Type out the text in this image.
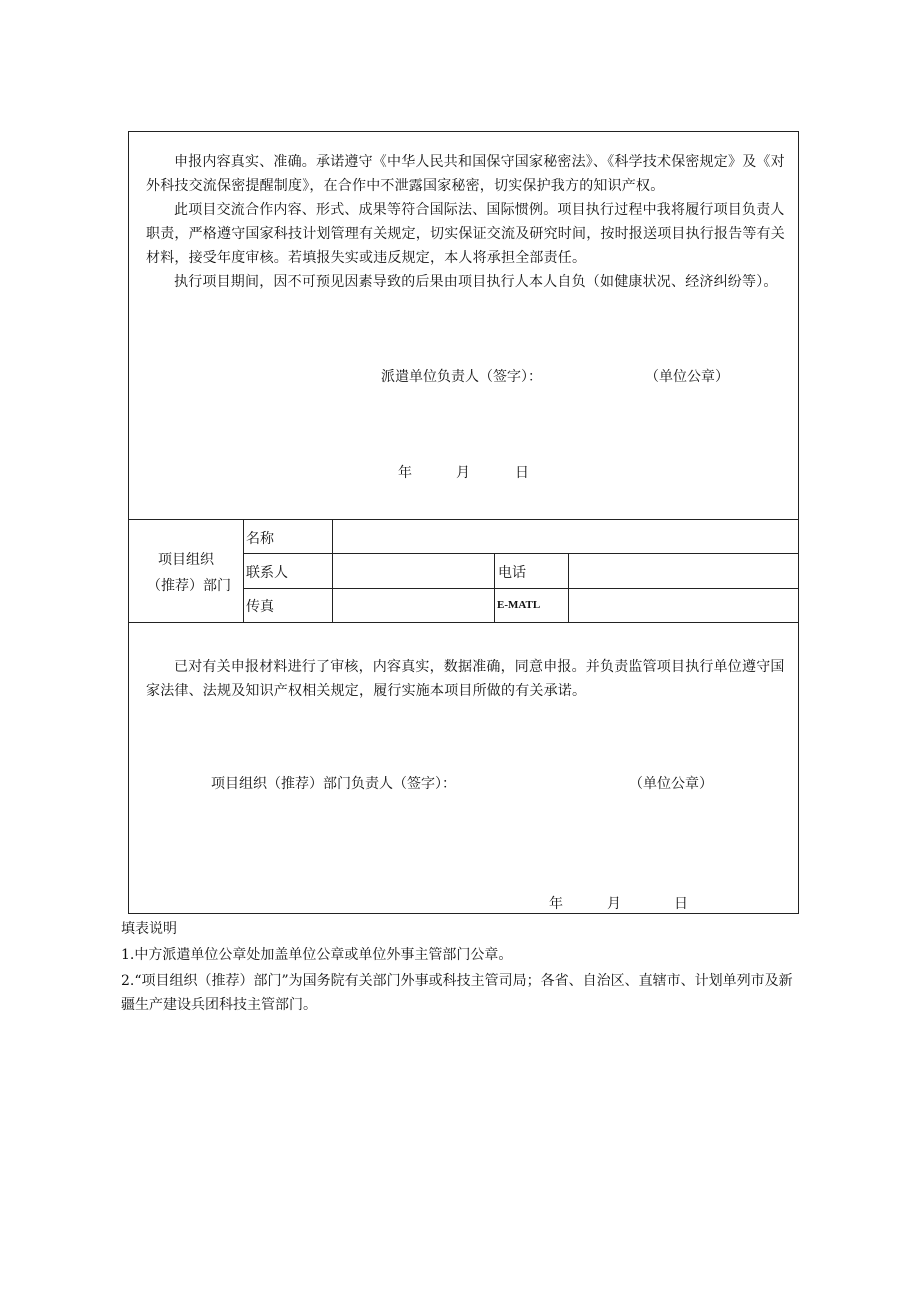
申报内容真实、准确。承诺遵守《中华人民共和国保守国家秘密法》、《科学技术保密规定》及《对外科技交流保密提醒制度》，在合作中不泄露国家秘密，切实保护我方的知识产权。

此项目交流合作内容、形式、成果等符合国际法、国际惯例。项目执行过程中我将履行项目负责人职责，严格遵守国家科技计划管理有关规定，切实保证交流及研究时间，按时报送项目执行报告等有关材料，接受年度审核。若填报失实或违反规定，本人将承担全部责任。

执行项目期间，因不可预见因素导致的后果由项目执行人本人自负（如健康状况、经济纠纷等）。

派遣单位负责人（签字）：	（单位公章）
年	月	日
项目组织
（推荐）部门
名称
联系人	电话
传真	E-MATL

已对有关申报材料进行了审核，内容真实，数据准确，同意申报。并负责监管项目执行单位遵守国家法律、法规及知识产权相关规定，履行实施本项目所做的有关承诺。

项目组织（推荐）部门负责人（签字）：	（单位公章）
年	月	日
填表说明
1.中方派遣单位公章处加盖单位公章或单位外事主管部门公章。
2.“项目组织（推荐）部门”为国务院有关部门外事或科技主管司局；各省、自治区、直辖市、计划单列市及新疆生产建设兵团科技主管部门。
